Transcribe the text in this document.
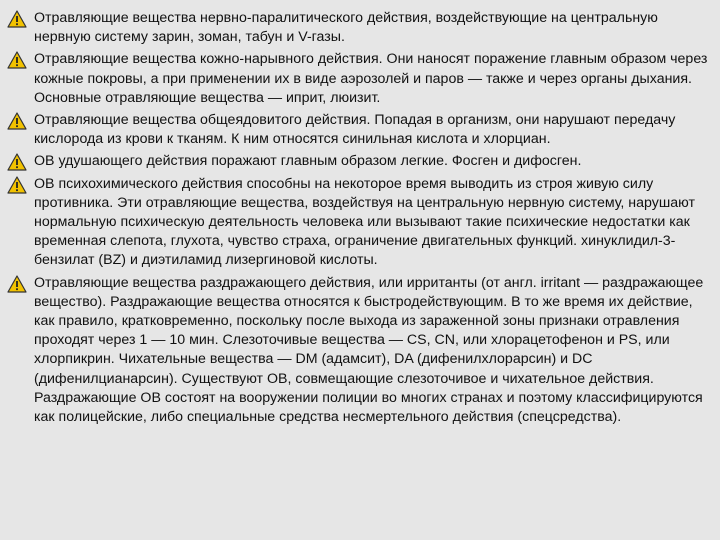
Отравляющие вещества нервно-паралитического действия, воздействующие на центральную нервную систему зарин, зоман, табун и V-газы.
Отравляющие вещества кожно-нарывного действия. Они наносят поражение главным образом через кожные покровы, а при применении их в виде аэрозолей и паров — также и через органы дыхания. Основные отравляющие вещества — иприт, люизит.
Отравляющие вещества общеядовитого действия. Попадая в организм, они нарушают передачу кислорода из крови к тканям. К ним относятся синильная кислота и хлорциан.
ОВ удушающего действия поражают главным образом легкие. Фосген и дифосген.
ОВ психохимического действия способны на некоторое время выводить из строя живую силу противника. Эти отравляющие вещества, воздействуя на центральную нервную систему, нарушают нормальную психическую деятельность человека или вызывают такие психические недостатки как временная слепота, глухота, чувство страха, ограничение двигательных функций. хинуклидил-3-бензилат (BZ) и диэтиламид лизергиновой кислоты.
Отравляющие вещества раздражающего действия, или ирританты (от англ. irritant — раздражающее вещество). Раздражающие вещества относятся к быстродействующим. В то же время их действие, как правило, кратковременно, поскольку после выхода из зараженной зоны признаки отравления проходят через 1 — 10 мин. Слезоточивые вещества — CS, CN, или хлорацетофенон и PS, или хлорпикрин. Чихательные вещества — DM (адамсит), DA (дифенилхлорарсин) и DC (дифенилцианарсин). Существуют ОВ, совмещающие слезоточивое и чихательное действия. Раздражающие ОВ состоят на вооружении полиции во многих странах и поэтому классифицируются как полицейские, либо специальные средства несмертельного действия (спецсредства).
